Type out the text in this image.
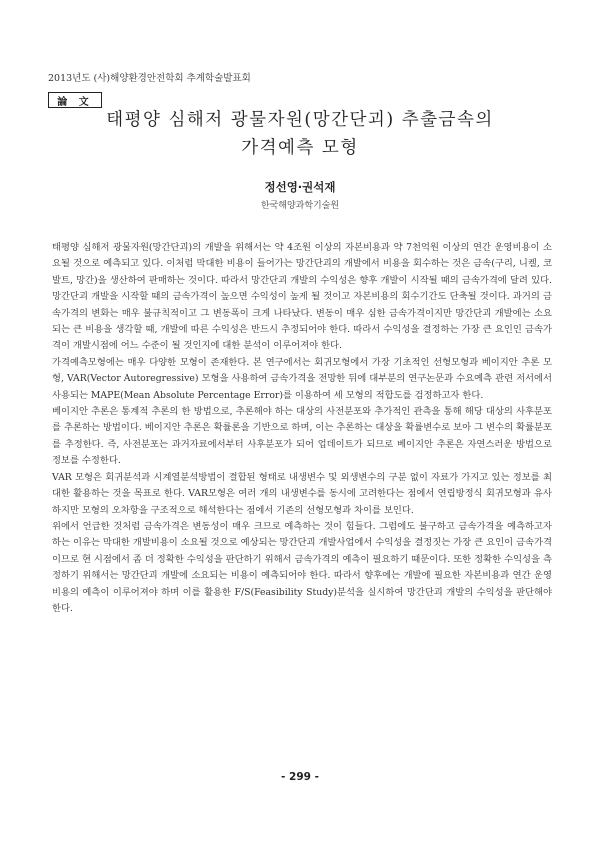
2013년도 (사)해양환경안전학회 추계학술발표회
論 文
태평양 심해저 광물자원(망간단괴) 추출금속의
가격예측 모형
정선영·권석재
한국해양과학기술원

태평양 심해저 광물자원(망간단괴)의 개발을 위해서는 약 4조원 이상의 자본비용과 약 7천억원 이상의 연간 운영비용이 소요될 것으로 예측되고 있다. 이처럼 막대한 비용이 들어가는 망간단괴의 개발에서 비용을 회수하는 것은 금속(구리, 니켈, 코발트, 망간)을 생산하여 판매하는 것이다. 따라서 망간단괴 개발의 수익성은 향후 개발이 시작될 때의 금속가격에 달려 있다. 망간단괴 개발을 시작할 때의 금속가격이 높으면 수익성이 높게 될 것이고 자본비용의 회수기간도 단축될 것이다. 과거의 금속가격의 변화는 매우 불규칙적이고 그 변동폭이 크게 나타났다. 변동이 매우 심한 금속가격이지만 망간단괴 개발에는 소요되는 큰 비용을 생각할 때, 개발에 따른 수익성은 반드시 추정되어야 한다. 따라서 수익성을 결정하는 가장 큰 요인인 금속가격이 개발시점에 어느 수준이 될 것인지에 대한 분석이 이루어져야 한다.

가격예측모형에는 매우 다양한 모형이 존재한다. 본 연구에서는 회귀모형에서 가장 기초적인 선형모형과 베이지안 추론 모형, VAR(Vector Autoregressive) 모형을 사용하여 금속가격을 전망한 뒤에 대부분의 연구논문과 수요예측 관련 저서에서 사용되는 MAPE(Mean Absolute Percentage Error)를 이용하여 세 모형의 적합도를 검정하고자 한다.

베이지안 추론은 통계적 추론의 한 방법으로, 추론해야 하는 대상의 사전분포와 추가적인 관측을 통해 해당 대상의 사후분포를 추론하는 방법이다. 베이지안 추론은 확률론을 기반으로 하며, 이는 추론하는 대상을 확률변수로 보아 그 변수의 확률분포를 추정한다. 즉, 사전분포는 과거자료에서부터 사후분포가 되어 업데이트가 되므로 베이지안 추론은 자연스러운 방법으로 정보를 수정한다.

VAR 모형은 회귀분석과 시계열분석방법이 결합된 형태로 내생변수 및 외생변수의 구분 없이 자료가 가지고 있는 정보를 최대한 활용하는 것을 목표로 한다. VAR모형은 여러 개의 내생변수를 동시에 고려한다는 점에서 연립방정식 회귀모형과 유사하지만 모형의 오차항을 구조적으로 해석한다는 점에서 기존의 선형모형과 차이를 보인다.

위에서 언급한 것처럼 금속가격은 변동성이 매우 크므로 예측하는 것이 힘들다. 그럼에도 불구하고 금속가격을 예측하고자 하는 이유는 막대한 개발비용이 소요될 것으로 예상되는 망간단괴 개발사업에서 수익성을 결정짓는 가장 큰 요인이 금속가격이므로 현 시점에서 좀 더 정확한 수익성을 판단하기 위해서 금속가격의 예측이 필요하기 때문이다. 또한 정확한 수익성을 측정하기 위해서는 망간단괴 개발에 소요되는 비용이 예측되어야 한다. 따라서 향후에는 개발에 필요한 자본비용과 연간 운영비용의 예측이 이루어져야 하며 이를 활용한 F/S(Feasibility Study)분석을 실시하여 망간단괴 개발의 수익성을 판단해야 한다.

- 299 -
